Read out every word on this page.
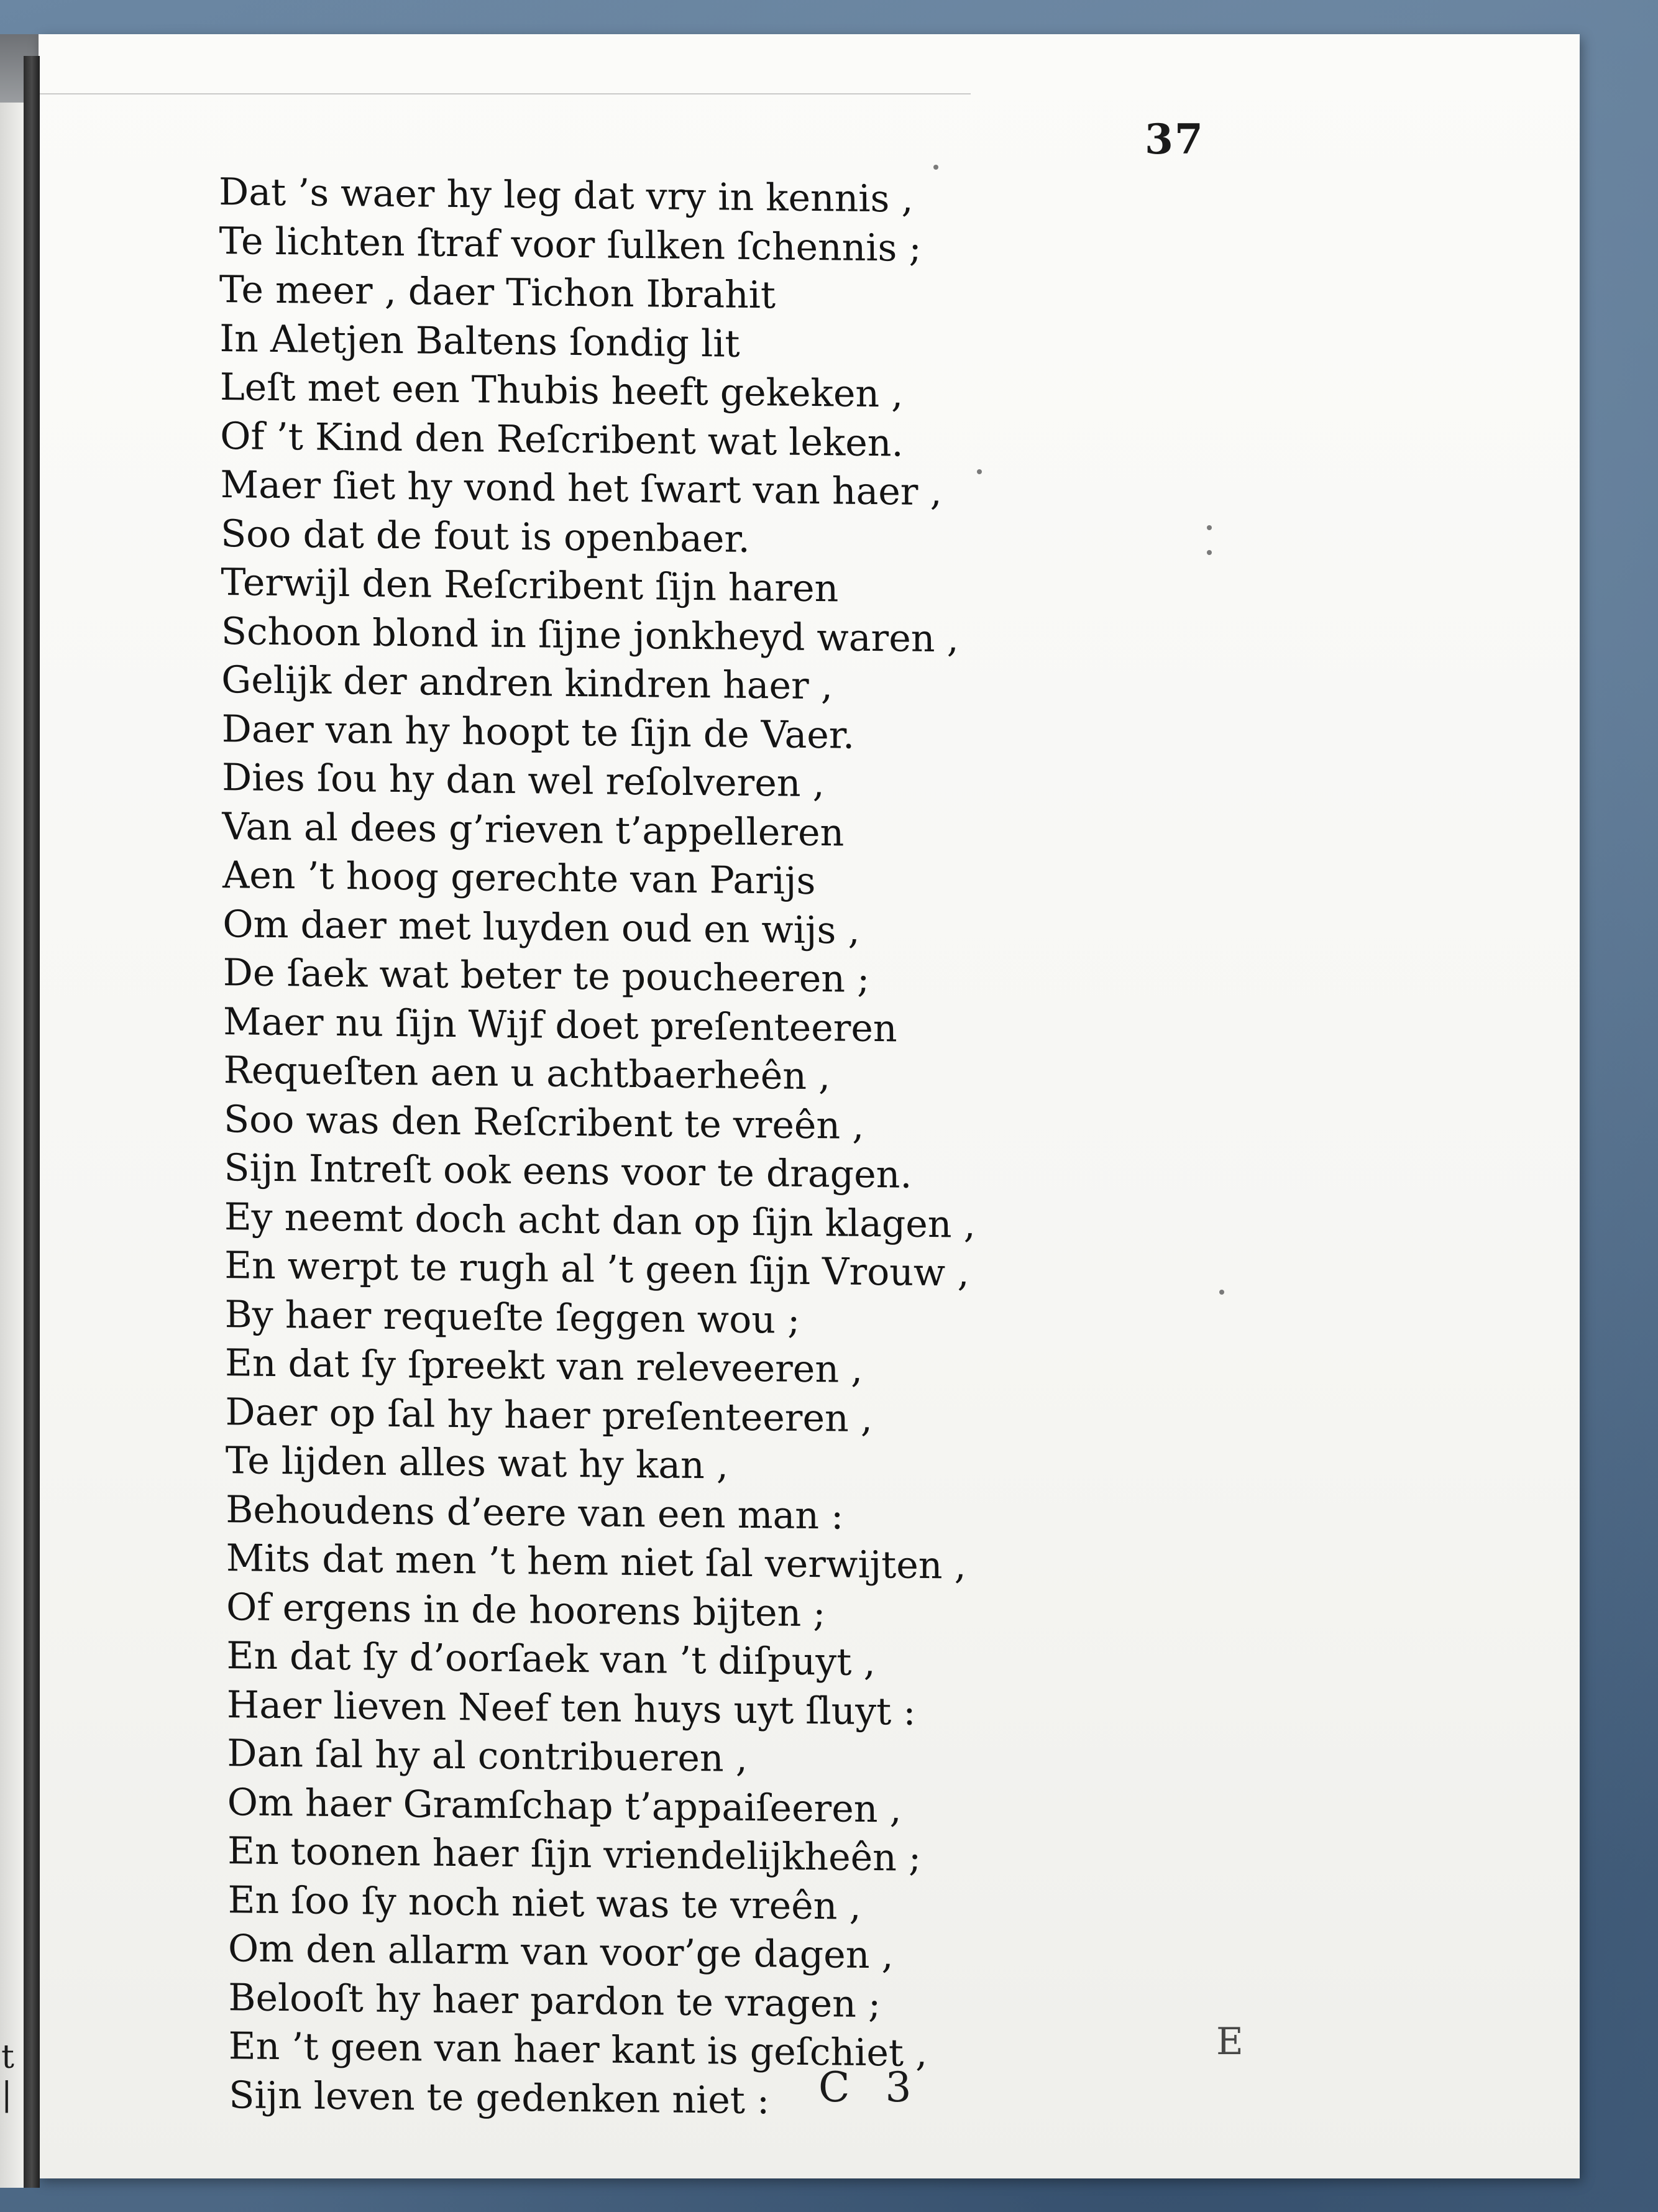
t |
37
Dat ’s waer hy leg dat vry in kennis ,
Te lichten ſtraf voor ſulken ſchennis ;
Te meer , daer Tichon Ibrahit
In Aletjen Baltens ſondig lit
Leſt met een Thubis heeft gekeken ,
Of ’t Kind den Reſcribent wat leken.
Maer ſiet hy vond het ſwart van haer ,
Soo dat de fout is openbaer.
Terwijl den Reſcribent ſijn haren
Schoon blond in ſijne jonkheyd waren ,
Gelijk der andren kindren haer ,
Daer van hy hoopt te ſijn de Vaer.
Dies ſou hy dan wel reſolveren ,
Van al dees g’rieven t’appelleren
Aen ’t hoog gerechte van Parijs
Om daer met luyden oud en wijs ,
De ſaek wat beter te poucheeren ;
Maer nu ſijn Wijf doet preſenteeren
Requeſten aen u achtbaerheên ,
Soo was den Reſcribent te vreên ,
Sijn Intreſt ook eens voor te dragen.
Ey neemt doch acht dan op ſijn klagen ,
En werpt te rugh al ’t geen ſijn Vrouw ,
By haer requeſte ſeggen wou ;
En dat ſy ſpreekt van releveeren ,
Daer op ſal hy haer preſenteeren ,
Te lijden alles wat hy kan ,
Behoudens d’eere van een man :
Mits dat men ’t hem niet ſal verwijten ,
Of ergens in de hoorens bijten ;
En dat ſy d’oorſaek van ’t diſpuyt ,
Haer lieven Neef ten huys uyt ſluyt :
Dan ſal hy al contribueren ,
Om haer Gramſchap t’appaiſeeren ,
En toonen haer ſijn vriendelijkheên ;
En ſoo ſy noch niet was te vreên ,
Om den allarm van voor’ge dagen ,
Belooſt hy haer pardon te vragen ;
En ’t geen van haer kant is geſchiet ,
Sijn leven te gedenken niet :
E
C 3
